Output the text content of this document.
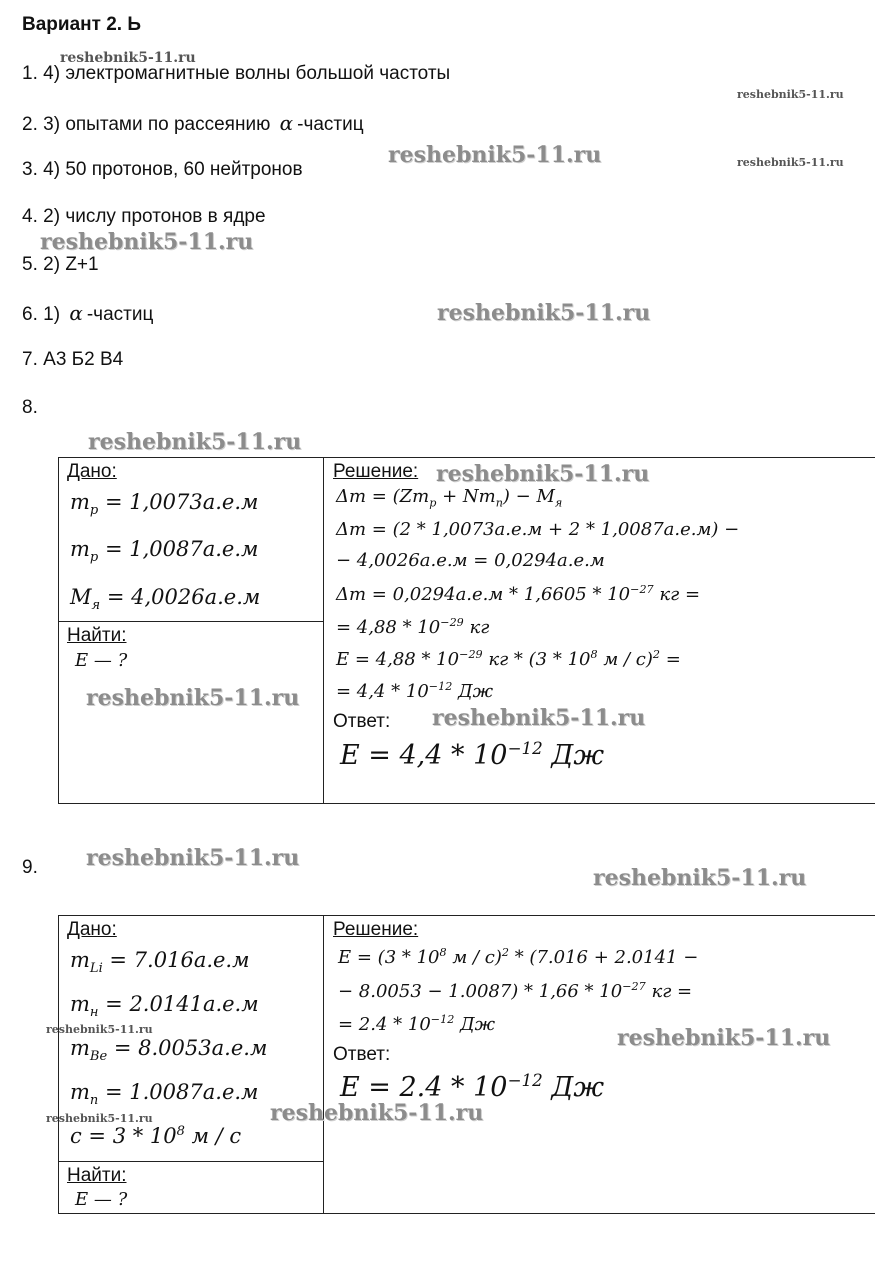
Вариант 2. Ь
1. 4) электромагнитные волны большой частоты
2. 3) опытами по рассеянию α -частиц
3. 4) 50 протонов, 60 нейтронов
4. 2) числу протонов в ядре
5. 2) Z+1
6. 1) α -частиц
7. А3 Б2 В4
8.
Дано:
$m_p = 1,0073а.е.м$
$m_p = 1,0087а.е.м$
$M_я = 4,0026а.е.м$
Найти:
E — ?
Решение:
$\Delta m = (Zm_p + Nm_n) - M_я$
Δm = (2 * 1,0073а.е.м + 2 * 1,0087а.е.м) −
− 4,0026а.е.м = 0,0294а.е.м
$\Delta m = 0,0294а.е.м * 1,6605 * 10^{-27}$ кг =
= $4,88 * 10^{-29}$ кг
$E = 4,88 * 10^{-29}$ кг * ($3 * 10^8$ м / с)$^2$ =
= $4,4 * 10^{-12}$ Дж
Ответ:
$E = 4,4 * 10^{-12}$ Дж
9.
Дано:
$m_{Li} = 7.016а.е.м$
$m_н = 2.0141а.е.м$
$m_{Be} = 8.0053а.е.м$
$m_n = 1.0087а.е.м$
$c = 3 * 10^8$ м / с
Найти:
E — ?
Решение:
$E = (3 * 10^8$ м / с)$^2$ * (7.016 + 2.0141 −
− $8.0053 - 1.0087) * 1,66 * 10^{-27}$ кг =
= $2.4 * 10^{-12}$ Дж
Ответ:
$E = 2.4 * 10^{-12}$ Дж
reshebnik5-11.ru
reshebnik5-11.ru
reshebnik5-11.ru	reshebnik5-11.ru
reshebnik5-11.ru
reshebnik5-11.ru
reshebnik5-11.ru
reshebnik5-11.ru
reshebnik5-11.ru
reshebnik5-11.ru
reshebnik5-11.ru
reshebnik5-11.ru
reshebnik5-11.ru	reshebnik5-11.ru
reshebnik5-11.ru
reshebnik5-11.ru
